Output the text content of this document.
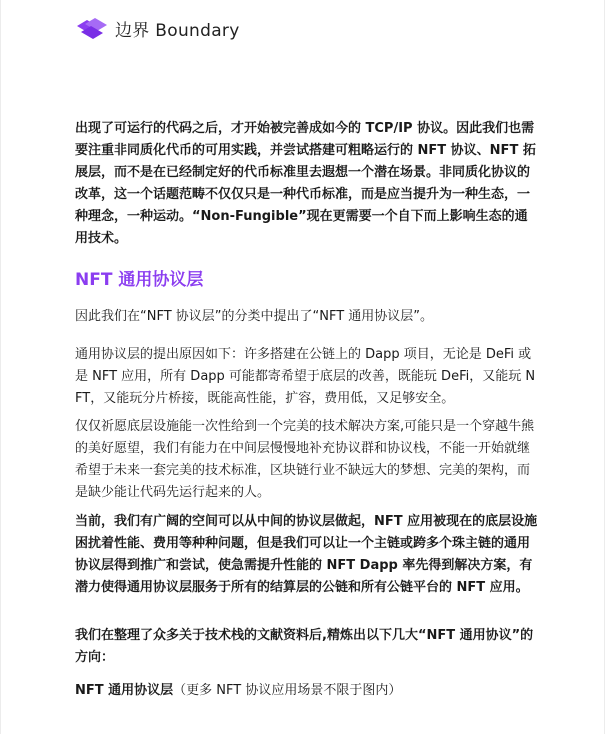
边界 Boundary

出现了可运行的代码之后，才开始被完善成如今的 TCP/IP 协议。因此我们也需要注重非同质化代币的可用实践，并尝试搭建可粗略运行的 NFT 协议、NFT 拓展层，而不是在已经制定好的代币标准里去遐想一个潜在场景。非同质化协议的改革，这一个话题范畴不仅仅只是一种代币标准，而是应当提升为一种生态，一种理念，一种运动。“Non-Fungible”现在更需要一个自下而上影响生态的通用技术。

NFT 通用协议层

因此我们在“NFT 协议层”的分类中提出了“NFT 通用协议层”。

通用协议层的提出原因如下：许多搭建在公链上的 Dapp 项目，无论是 DeFi 或是 NFT 应用，所有 Dapp 可能都寄希望于底层的改善，既能玩 DeFi，又能玩 NFT，又能玩分片桥接，既能高性能，扩容，费用低，又足够安全。

仅仅祈愿底层设施能一次性给到一个完美的技术解决方案,可能只是一个穿越牛熊的美好愿望，我们有能力在中间层慢慢地补充协议群和协议栈，不能一开始就继希望于未来一套完美的技术标准，区块链行业不缺远大的梦想、完美的架构，而是缺少能让代码先运行起来的人。

当前，我们有广阔的空间可以从中间的协议层做起，NFT 应用被现在的底层设施困扰着性能、费用等种种问题，但是我们可以让一个主链或跨多个珠主链的通用协议层得到推广和尝试，使急需提升性能的 NFT Dapp 率先得到解决方案，有潜力使得通用协议层服务于所有的结算层的公链和所有公链平台的 NFT 应用。

我们在整理了众多关于技术栈的文献资料后,精炼出以下几大“NFT 通用协议”的方向：

NFT 通用协议层（更多 NFT 协议应用场景不限于图内）
